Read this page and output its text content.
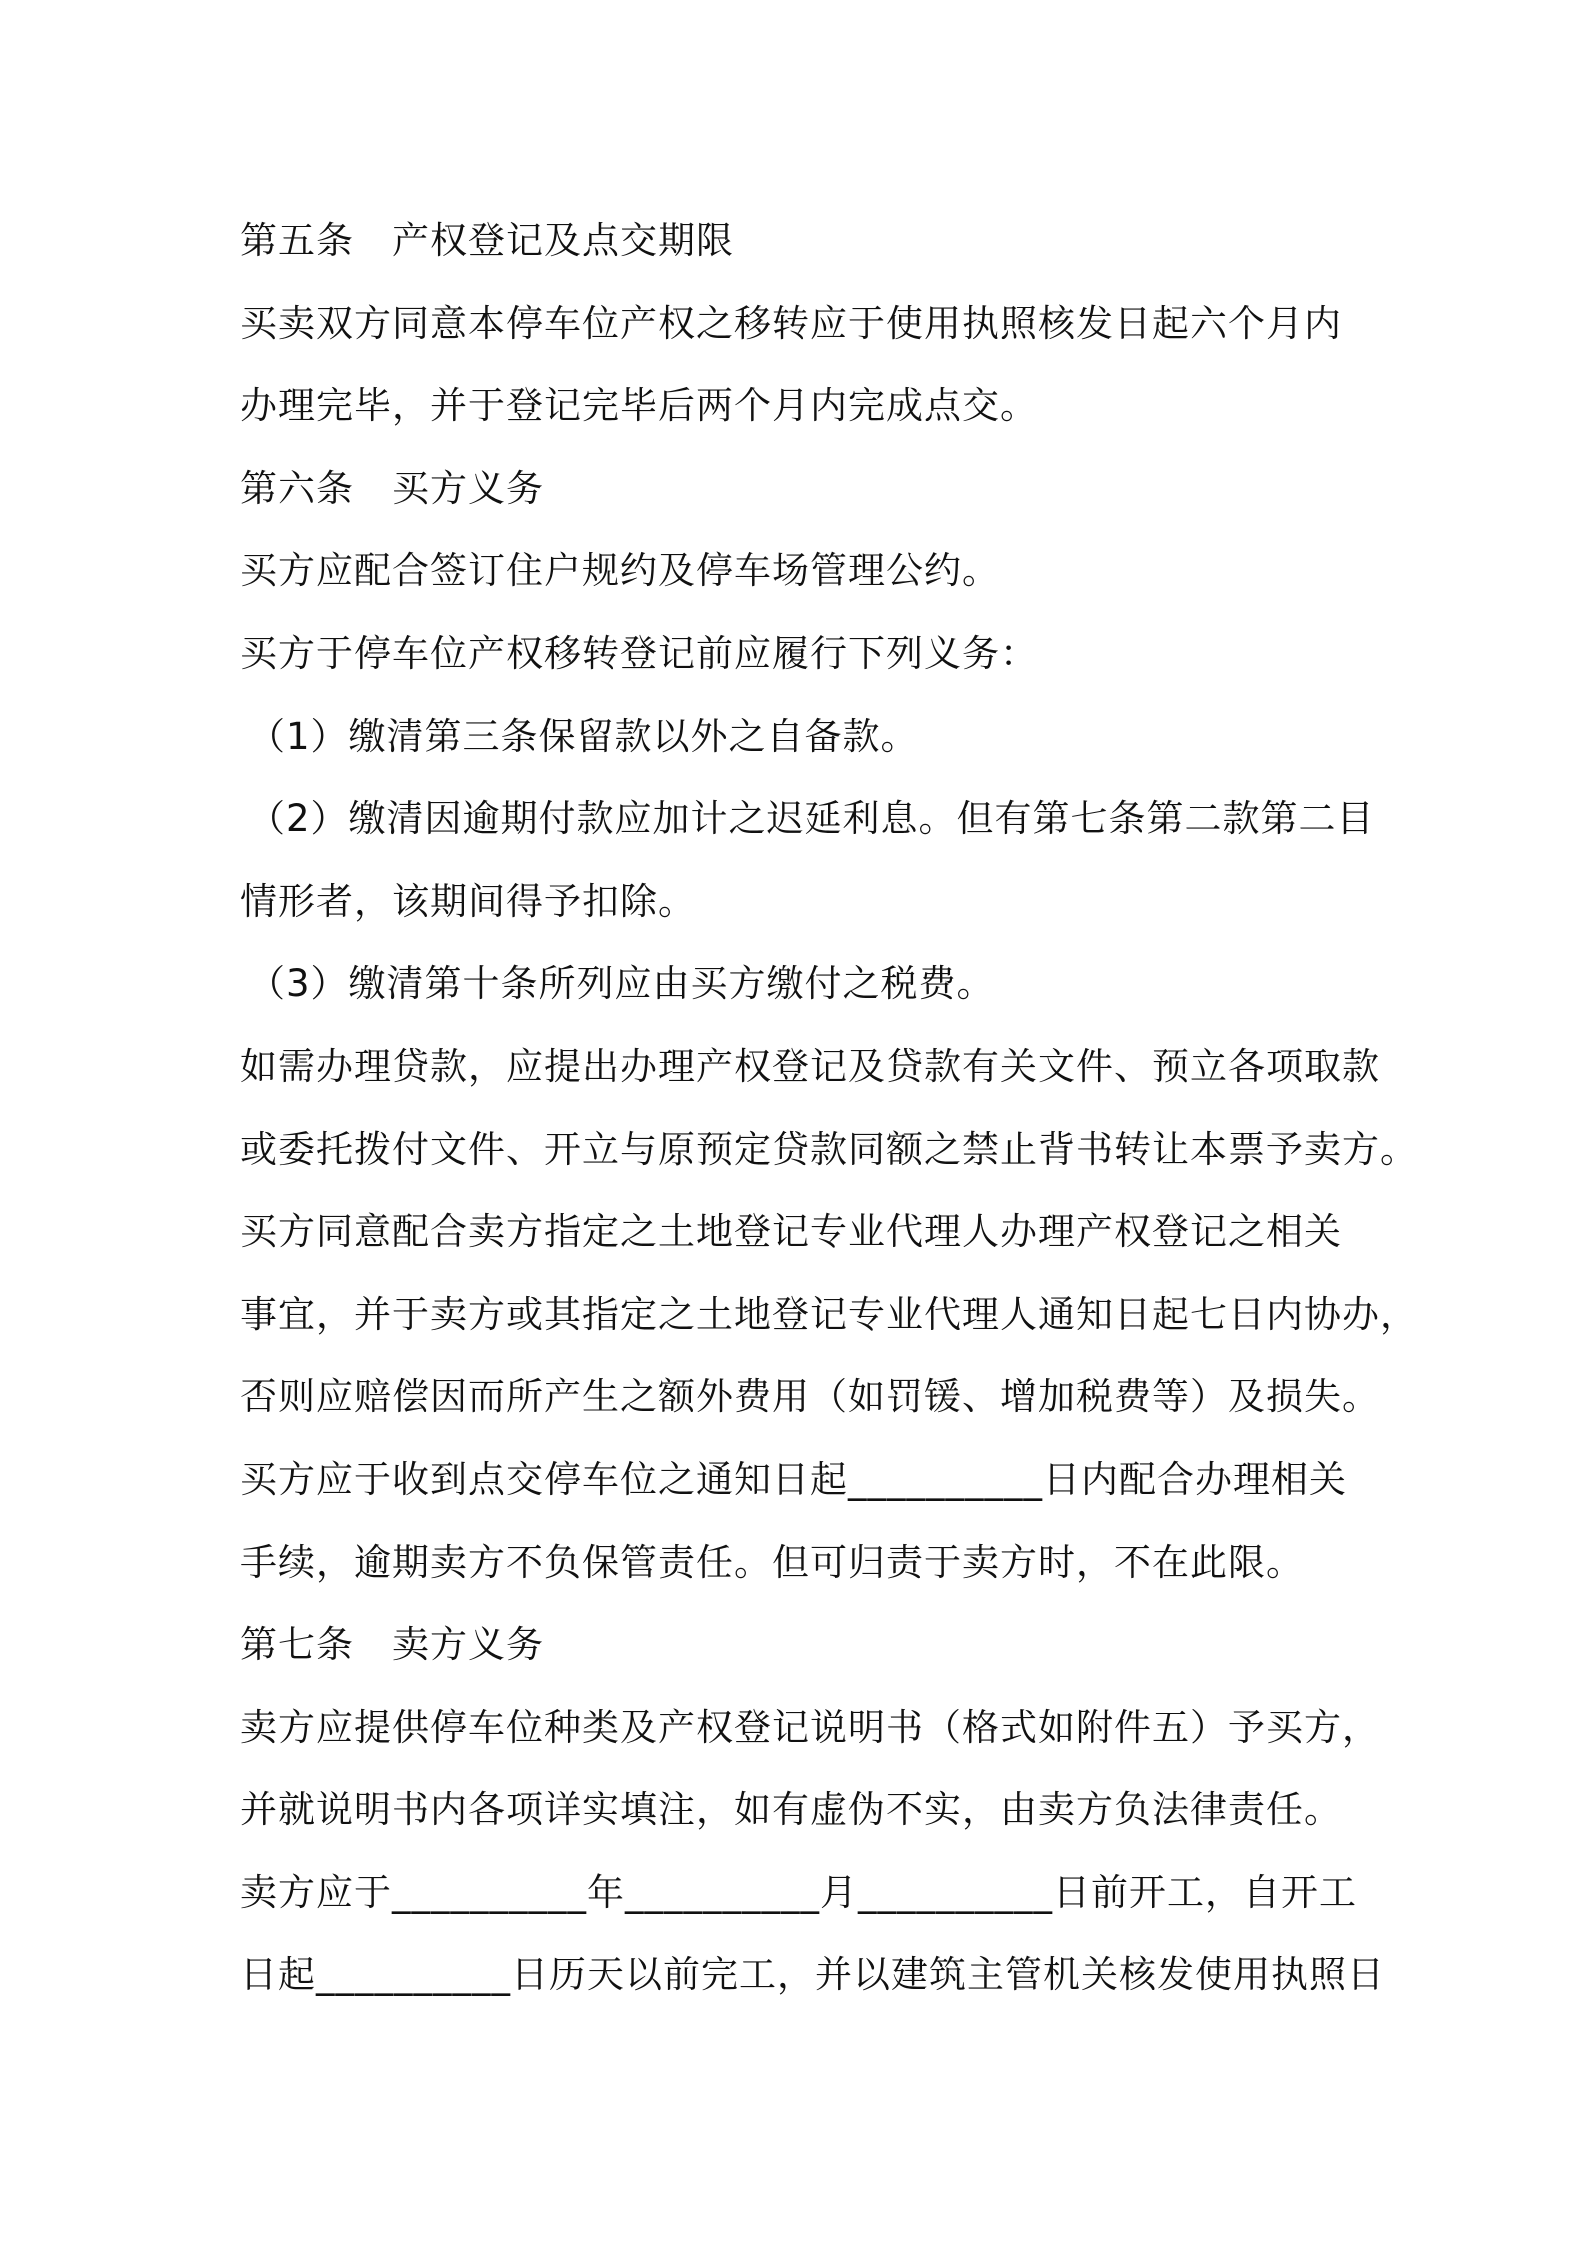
第五条　产权登记及点交期限
买卖双方同意本停车位产权之移转应于使用执照核发日起六个月内
办理完毕，并于登记完毕后两个月内完成点交。
第六条　买方义务
买方应配合签订住户规约及停车场管理公约。
买方于停车位产权移转登记前应履行下列义务：
（1）缴清第三条保留款以外之自备款。
（2）缴清因逾期付款应加计之迟延利息。但有第七条第二款第二目
情形者，该期间得予扣除。
（3）缴清第十条所列应由买方缴付之税费。
如需办理贷款，应提出办理产权登记及贷款有关文件、预立各项取款
或委托拨付文件、开立与原预定贷款同额之禁止背书转让本票予卖方。
买方同意配合卖方指定之土地登记专业代理人办理产权登记之相关
事宜，并于卖方或其指定之土地登记专业代理人通知日起七日内协办，
否则应赔偿因而所产生之额外费用（如罚锾、增加税费等）及损失。
买方应于收到点交停车位之通知日起__________日内配合办理相关
手续，逾期卖方不负保管责任。但可归责于卖方时，不在此限。
第七条　卖方义务
卖方应提供停车位种类及产权登记说明书（格式如附件五）予买方，
并就说明书内各项详实填注，如有虚伪不实，由卖方负法律责任。
卖方应于__________年__________月__________日前开工，自开工
日起__________日历天以前完工，并以建筑主管机关核发使用执照日
